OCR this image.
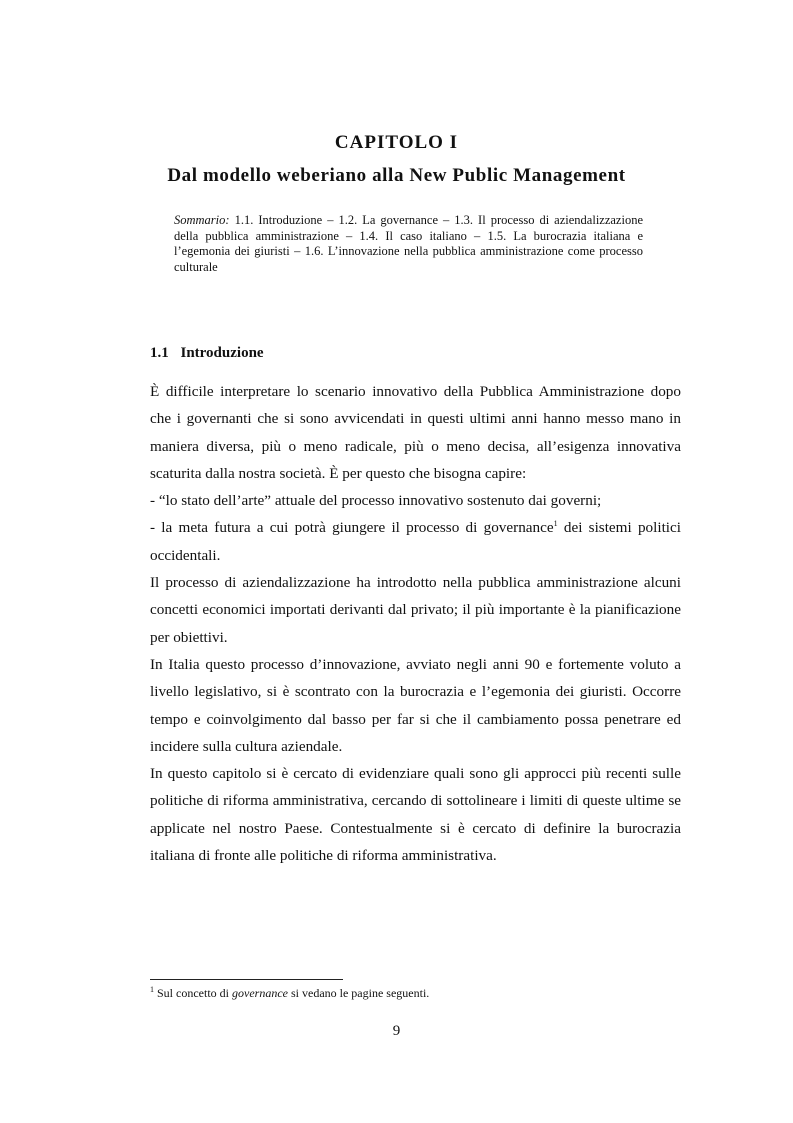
CAPITOLO I
Dal modello weberiano alla New Public Management
Sommario: 1.1. Introduzione – 1.2. La governance – 1.3. Il processo di aziendalizzazione della pubblica amministrazione – 1.4. Il caso italiano – 1.5. La burocrazia italiana e l’egemonia dei giuristi – 1.6. L’innovazione nella pubblica amministrazione come processo culturale
1.1 Introduzione

È difficile interpretare lo scenario innovativo della Pubblica Amministrazione dopo che i governanti che si sono avvicendati in questi ultimi anni hanno messo mano in maniera diversa, più o meno radicale, più o meno decisa, all’esigenza innovativa scaturita dalla nostra società. È per questo che bisogna capire:

- “lo stato dell’arte” attuale del processo innovativo sostenuto dai governi;

- la meta futura a cui potrà giungere il processo di governance$^1$ dei sistemi politici occidentali.

Il processo di aziendalizzazione ha introdotto nella pubblica amministrazione alcuni concetti economici importati derivanti dal privato; il più importante è la pianificazione per obiettivi.

In Italia questo processo d’innovazione, avviato negli anni 90 e fortemente voluto a livello legislativo, si è scontrato con la burocrazia e l’egemonia dei giuristi. Occorre tempo e coinvolgimento dal basso per far si che il cambiamento possa penetrare ed incidere sulla cultura aziendale.

In questo capitolo si è cercato di evidenziare quali sono gli approcci più recenti sulle politiche di riforma amministrativa, cercando di sottolineare i limiti di queste ultime se applicate nel nostro Paese. Contestualmente si è cercato di definire la burocrazia italiana di fronte alle politiche di riforma amministrativa.

$^1$ Sul concetto di governance si vedano le pagine seguenti.
9
